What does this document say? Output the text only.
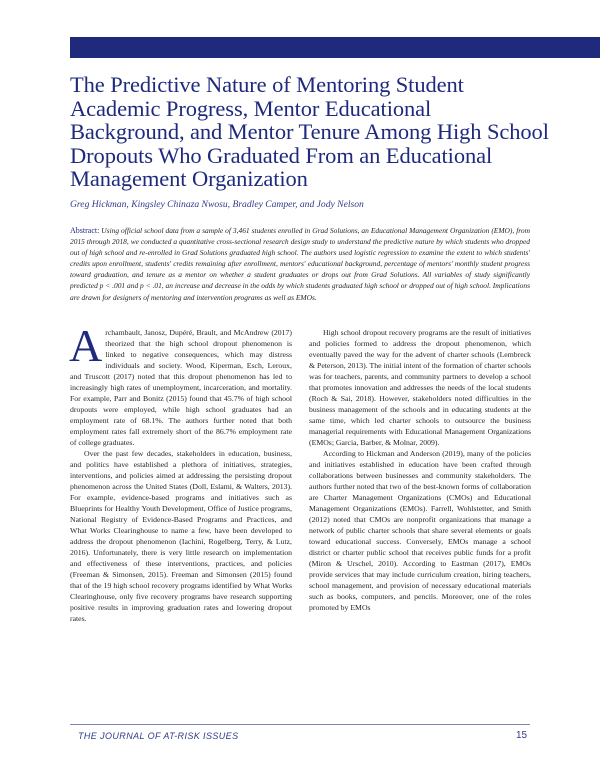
The Predictive Nature of Mentoring Student Academic Progress, Mentor Educational Background, and Mentor Tenure Among High School Dropouts Who Graduated From an Educational Management Organization
Greg Hickman, Kingsley Chinaza Nwosu, Bradley Camper, and Jody Nelson
Abstract: Using official school data from a sample of 3,461 students enrolled in Grad Solutions, an Educational Management Organization (EMO), from 2015 through 2018, we conducted a quantitative cross-sectional research design study to understand the predictive nature by which students who dropped out of high school and re-enrolled in Grad Solutions graduated high school. The authors used logistic regression to examine the extent to which students' credits upon enrollment, students' credits remaining after enrollment, mentors' educational background, percentage of mentors' monthly student progress toward graduation, and tenure as a mentor on whether a student graduates or drops out from Grad Solutions. All variables of study significantly predicted p < .001 and p < .01, an increase and decrease in the odds by which students graduated high school or dropped out of high school. Implications are drawn for designers of mentoring and intervention programs as well as EMOs.

Archambault, Janosz, Dupéré, Brault, and McAndrew (2017) theorized that the high school dropout phenomenon is linked to negative consequences, which may distress individuals and society. Wood, Kiperman, Esch, Leroux, and Truscott (2017) noted that this dropout phenomenon has led to increasingly high rates of unemployment, incarceration, and mortality. For example, Parr and Bonitz (2015) found that 45.7% of high school dropouts were employed, while high school graduates had an employment rate of 68.1%. The authors further noted that both employment rates fall extremely short of the 86.7% employment rate of college graduates.

Over the past few decades, stakeholders in education, business, and politics have established a plethora of initiatives, strategies, interventions, and policies aimed at addressing the persisting dropout phenomenon across the United States (Doll, Eslami, & Walters, 2013). For example, evidence-based programs and initiatives such as Blueprints for Healthy Youth Development, Office of Justice programs, National Registry of Evidence-Based Programs and Practices, and What Works Clearinghouse to name a few, have been developed to address the dropout phenomenon (Iachini, Rogelberg, Terry, & Lutz, 2016). Unfortunately, there is very little research on implementation and effectiveness of these interventions, practices, and policies (Freeman & Simonsen, 2015). Freeman and Simonsen (2015) found that of the 19 high school recovery programs identified by What Works Clearinghouse, only five recovery programs have research supporting positive results in improving graduation rates and lowering dropout rates.

High school dropout recovery programs are the result of initiatives and policies formed to address the dropout phenomenon, which eventually paved the way for the advent of charter schools (Lembreck & Peterson, 2013). The initial intent of the formation of charter schools was for teachers, parents, and community partners to develop a school that promotes innovation and addresses the needs of the local students (Roch & Sai, 2018). However, stakeholders noted difficulties in the business management of the schools and in educating students at the same time, which led charter schools to outsource the business managerial requirements with Educational Management Organizations (EMOs; Garcia, Barber, & Molnar, 2009).

According to Hickman and Anderson (2019), many of the policies and initiatives established in education have been crafted through collaborations between businesses and community stakeholders. The authors further noted that two of the best-known forms of collaboration are Charter Management Organizations (CMOs) and Educational Management Organizations (EMOs). Farrell, Wohlstetter, and Smith (2012) noted that CMOs are nonprofit organizations that manage a network of public charter schools that share several elements or goals toward educational success. Conversely, EMOs manage a school district or charter public school that receives public funds for a profit (Miron & Urschel, 2010). According to Eastman (2017), EMOs provide services that may include curriculum creation, hiring teachers, school management, and provision of necessary educational materials such as books, computers, and pencils. Moreover, one of the roles promoted by EMOs

THE JOURNAL OF AT-RISK ISSUES	15
